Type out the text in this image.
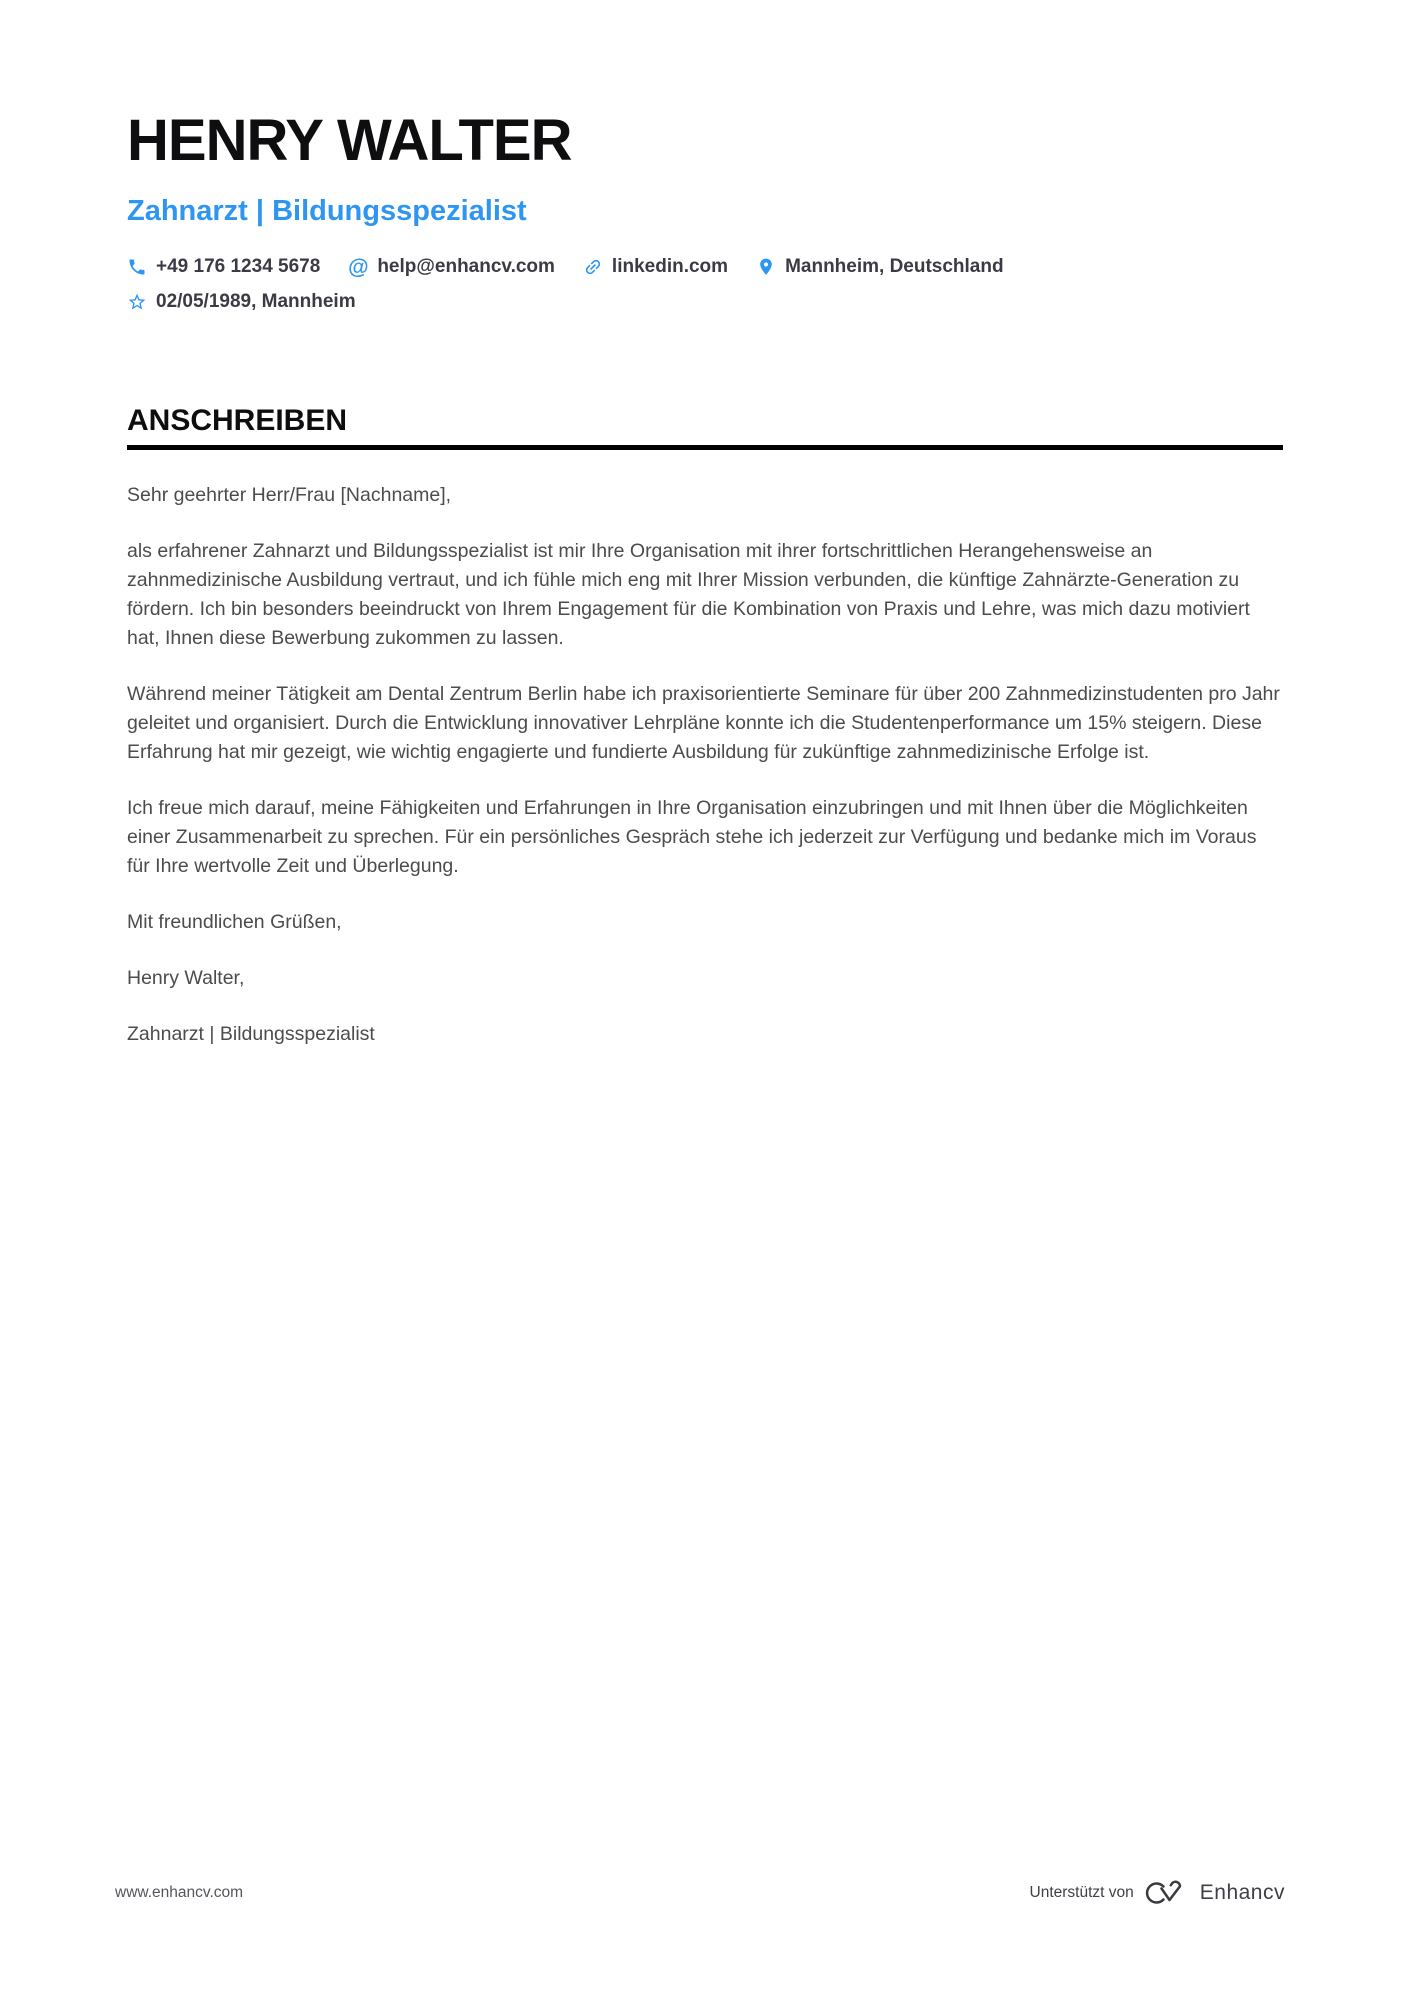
HENRY WALTER
Zahnarzt | Bildungsspezialist
+49 176 1234 5678 @ help@enhancv.com	linkedin.com	Mannheim, Deutschland
02/05/1989, Mannheim
ANSCHREIBEN

Sehr geehrter Herr/Frau [Nachname],

als erfahrener Zahnarzt und Bildungsspezialist ist mir Ihre Organisation mit ihrer fortschrittlichen Herangehensweise an zahnmedizinische Ausbildung vertraut, und ich fühle mich eng mit Ihrer Mission verbunden, die künftige Zahnärzte-Generation zu fördern. Ich bin besonders beeindruckt von Ihrem Engagement für die Kombination von Praxis und Lehre, was mich dazu motiviert hat, Ihnen diese Bewerbung zukommen zu lassen.

Während meiner Tätigkeit am Dental Zentrum Berlin habe ich praxisorientierte Seminare für über 200 Zahnmedizinstudenten pro Jahr geleitet und organisiert. Durch die Entwicklung innovativer Lehrpläne konnte ich die Studentenperformance um 15% steigern. Diese Erfahrung hat mir gezeigt, wie wichtig engagierte und fundierte Ausbildung für zukünftige zahnmedizinische Erfolge ist.

Ich freue mich darauf, meine Fähigkeiten und Erfahrungen in Ihre Organisation einzubringen und mit Ihnen über die Möglichkeiten einer Zusammenarbeit zu sprechen. Für ein persönliches Gespräch stehe ich jederzeit zur Verfügung und bedanke mich im Voraus für Ihre wertvolle Zeit und Überlegung.

Mit freundlichen Grüßen,

Henry Walter,

Zahnarzt | Bildungsspezialist

www.enhancv.com	Unterstützt von	Enhancv
